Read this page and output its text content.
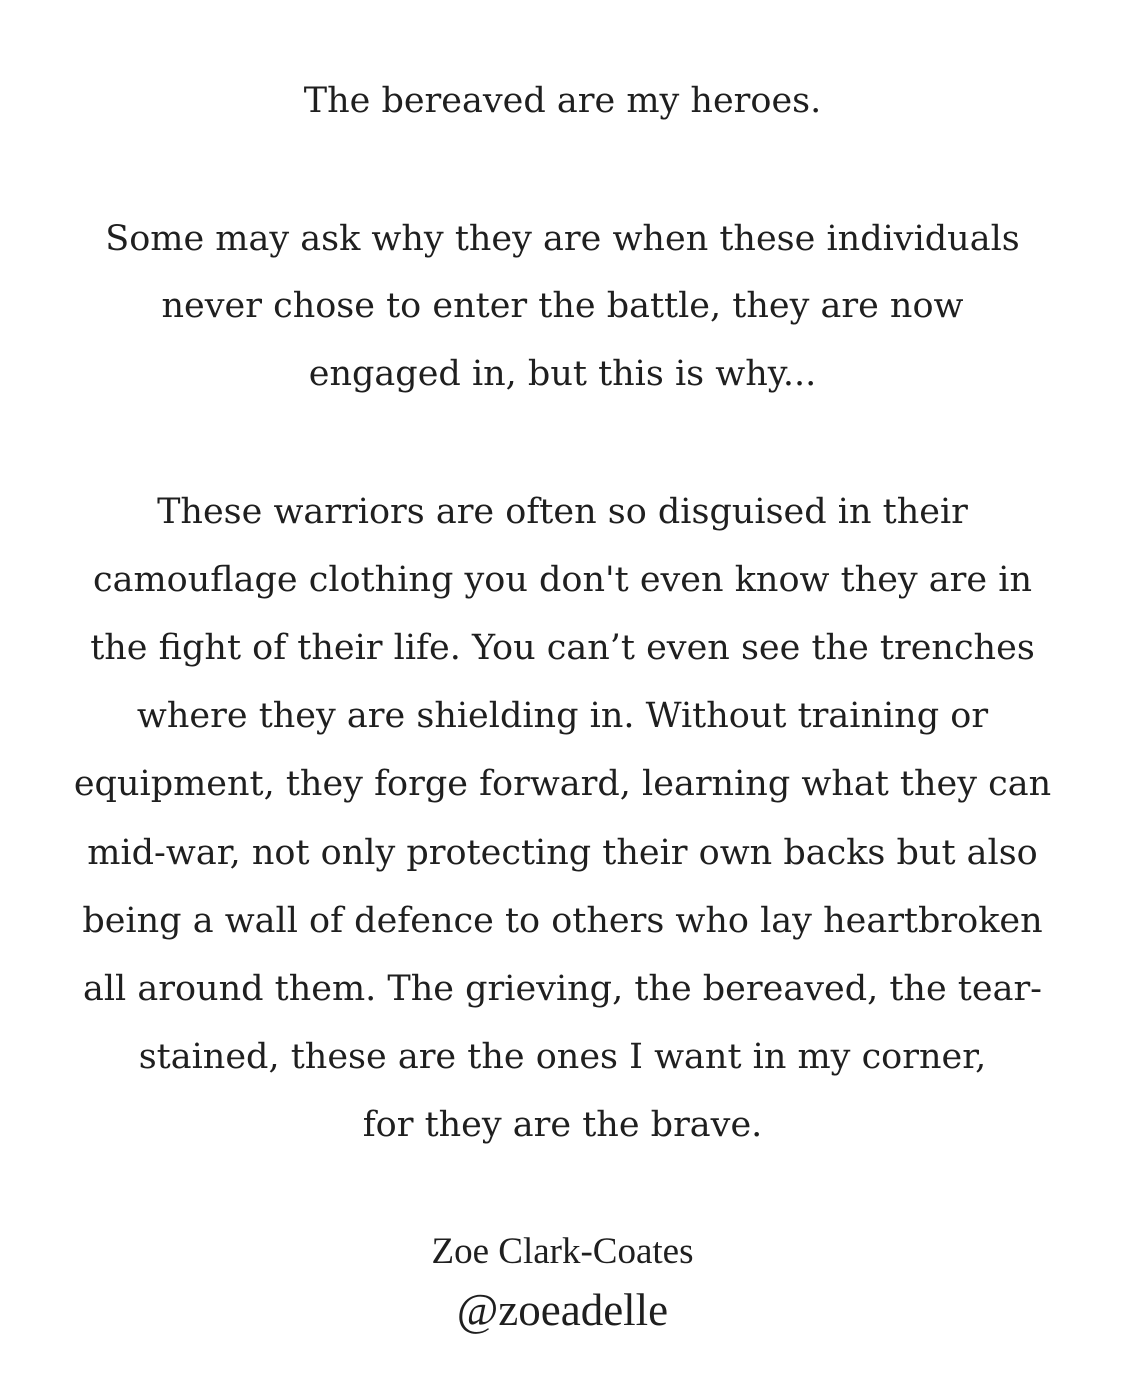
The bereaved are my heroes.
Some may ask why they are when these individuals
never chose to enter the battle, they are now
engaged in, but this is why...
These warriors are often so disguised in their
camouflage clothing you don't even know they are in
the fight of their life. You can’t even see the trenches
where they are shielding in. Without training or
equipment, they forge forward, learning what they can
mid-war, not only protecting their own backs but also
being a wall of defence to others who lay heartbroken
all around them. The grieving, the bereaved, the tear-
stained, these are the ones I want in my corner,
for they are the brave.
Zoe Clark-Coates
@zoeadelle
